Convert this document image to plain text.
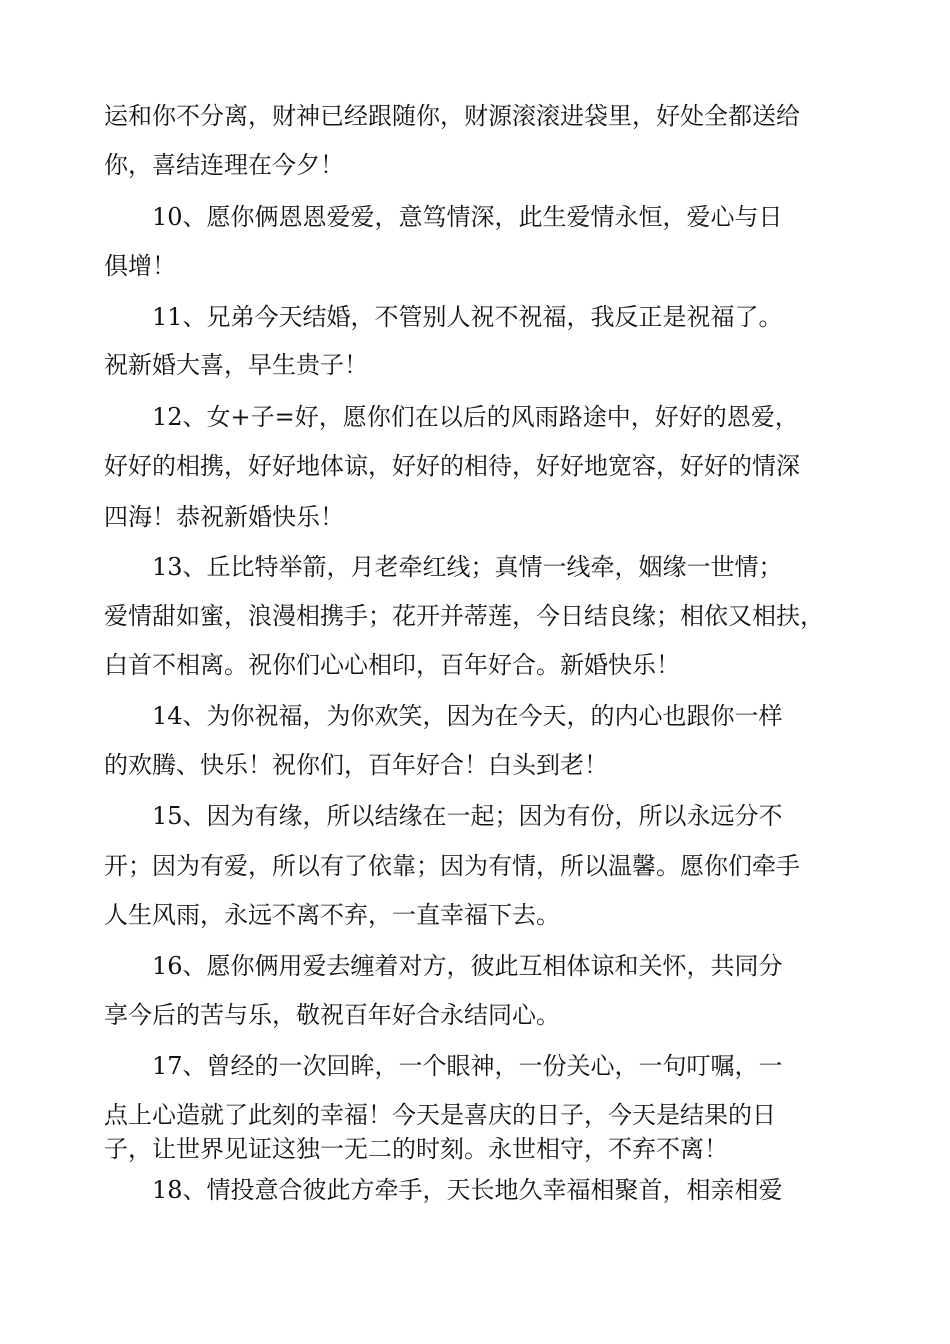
运和你不分离，财神已经跟随你，财源滚滚进袋里，好处全都送给

你，喜结连理在今夕！

10、愿你俩恩恩爱爱，意笃情深，此生爱情永恒，爱心与日

俱增！

11、兄弟今天结婚，不管别人祝不祝福，我反正是祝福了。

祝新婚大喜，早生贵子！

12、女+子=好，愿你们在以后的风雨路途中，好好的恩爱，

好好的相携，好好地体谅，好好的相待，好好地宽容，好好的情深

四海！恭祝新婚快乐！

13、丘比特举箭，月老牵红线；真情一线牵，姻缘一世情；

爱情甜如蜜，浪漫相携手；花开并蒂莲，今日结良缘；相依又相扶，

白首不相离。祝你们心心相印，百年好合。新婚快乐！

14、为你祝福，为你欢笑，因为在今天，的内心也跟你一样

的欢腾、快乐！祝你们，百年好合！白头到老！

15、因为有缘，所以结缘在一起；因为有份，所以永远分不

开；因为有爱，所以有了依靠；因为有情，所以温馨。愿你们牵手

人生风雨，永远不离不弃，一直幸福下去。

16、愿你俩用爱去缠着对方，彼此互相体谅和关怀，共同分

享今后的苦与乐，敬祝百年好合永结同心。

17、曾经的一次回眸，一个眼神，一份关心，一句叮嘱，一

点上心造就了此刻的幸福！今天是喜庆的日子，今天是结果的日

子，让世界见证这独一无二的时刻。永世相守，不弃不离！

18、情投意合彼此方牵手，天长地久幸福相聚首，相亲相爱
